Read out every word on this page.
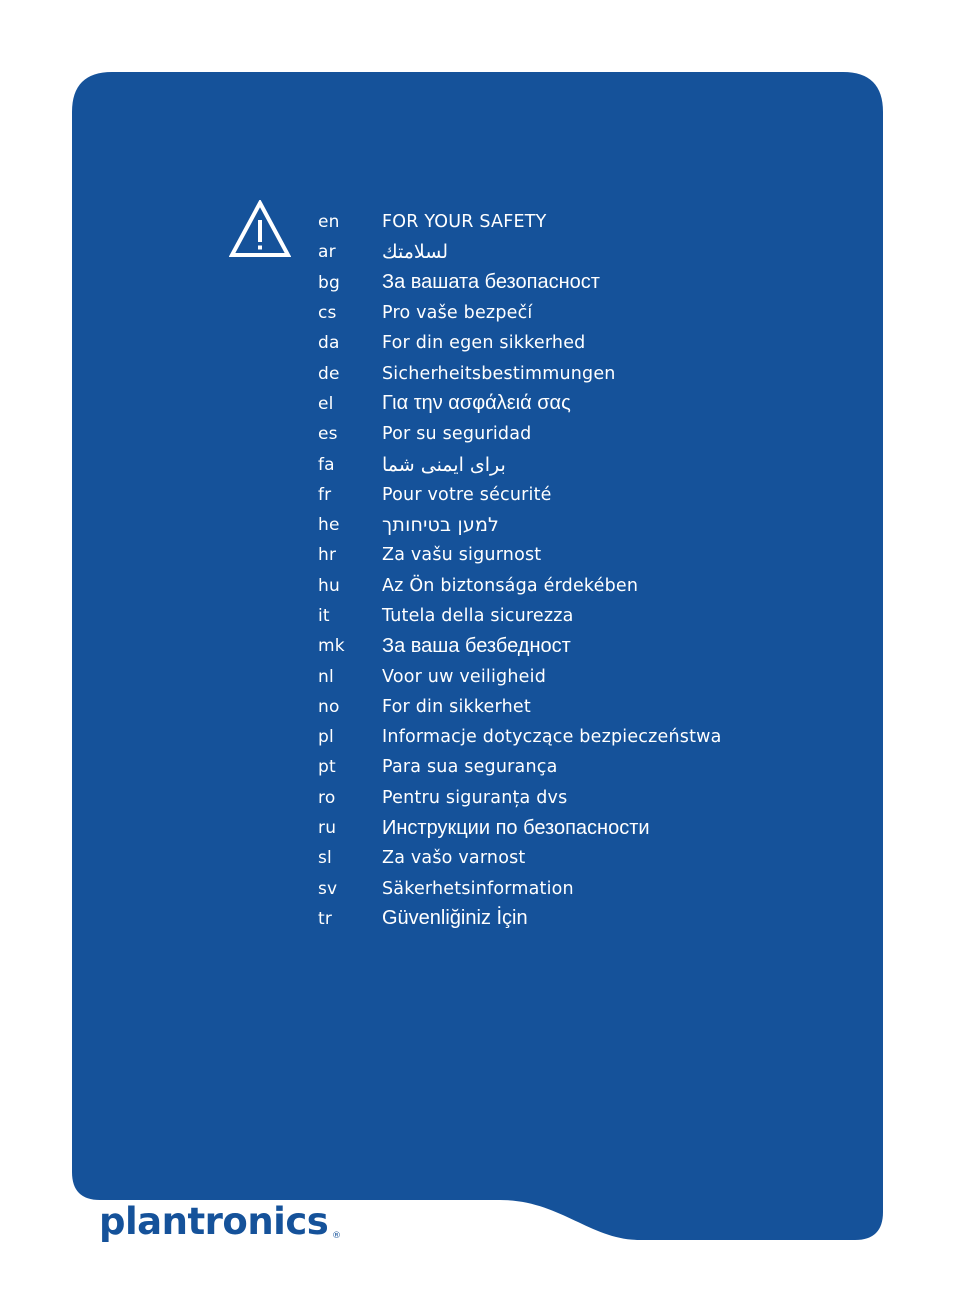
en	FOR YOUR SAFETY
ar	لسلامتك
bg	За вашата безопасност
cs	Pro vaše bezpečí
da	For din egen sikkerhed
de	Sicherheitsbestimmungen
el	Για την ασφάλειά σας
es	Por su seguridad
fa	برای ایمنی شما
fr	Pour votre sécurité
he	למען בטיחותך
hr	Za vašu sigurnost
hu	Az Ön biztonsága érdekében
it	Tutela della sicurezza
mk	За ваша безбедност
nl	Voor uw veiligheid
no	For din sikkerhet
pl	Informacje dotyczące bezpieczeństwa
pt	Para sua segurança
ro	Pentru siguranța dvs
ru	Инструкции по безопасности
sl	Za vašo varnost
sv	Säkerhetsinformation
tr	Güvenliğiniz İçin
plantronics ®
